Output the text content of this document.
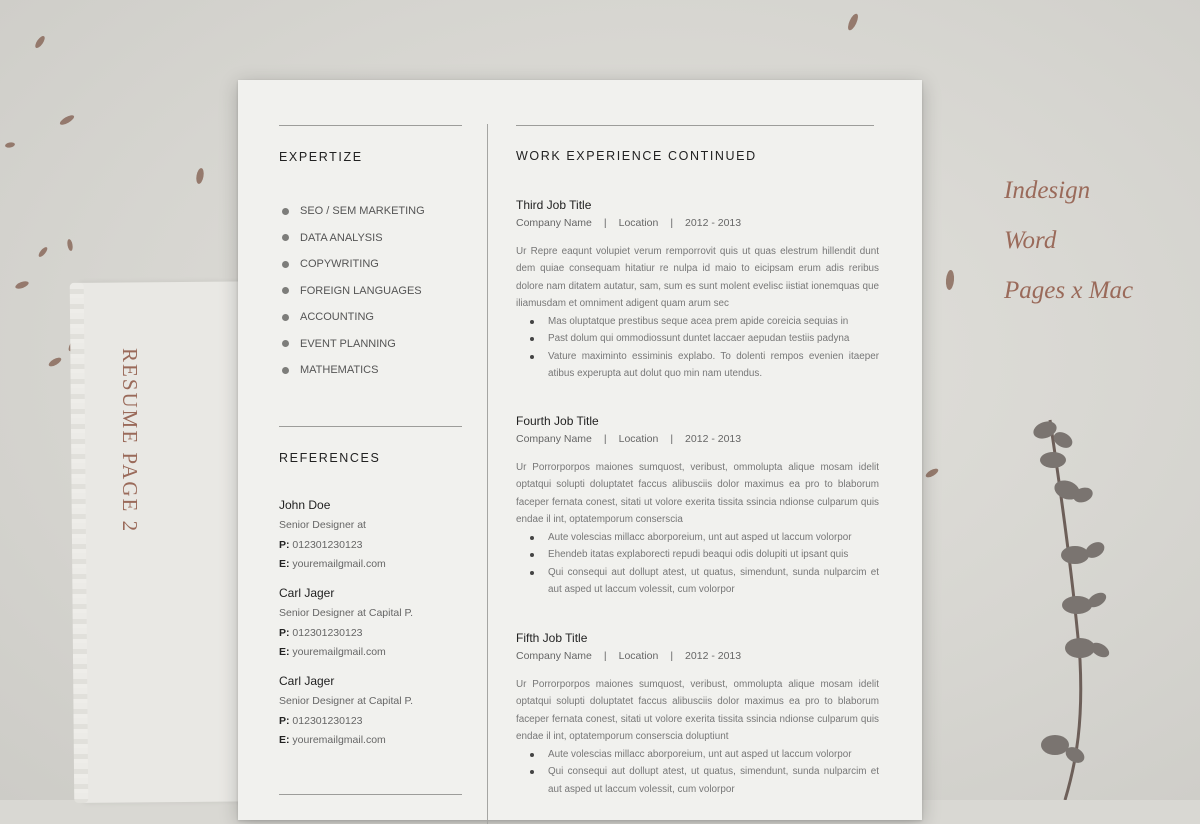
RESUME PAGE 2
Indesign
Word
Pages x Mac
EXPERTIZE
SEO / SEM MARKETING
DATA ANALYSIS
COPYWRITING
FOREIGN LANGUAGES
ACCOUNTING
EVENT PLANNING
MATHEMATICS
REFERENCES
John Doe
Senior Designer at
P: 012301230123
E: youremailgmail.com
Carl Jager
Senior Designer at Capital P.
P: 012301230123
E: youremailgmail.com
Carl Jager
Senior Designer at Capital P.
P: 012301230123
E: youremailgmail.com
WORK EXPERIENCE CONTINUED
Third Job Title
Company Name | Location | 2012 - 2013
Ur Repre eaqunt volupiet verum remporrovit quis ut quas elestrum hillendit dunt dem quiae consequam hitatiur re nulpa id maio to eicipsam erum adis reribus dolore nam ditatem autatur, sam, sum es sunt molent evelisc iistiat ionemquas que iliamusdam et omniment adigent quam arum sec
Mas oluptatque prestibus seque acea prem apide coreicia sequias in
Past dolum qui ommodiossunt duntet laccaer aepudan testiis padyna
Vature maximinto essiminis explabo. To dolenti rempos evenien itaeper atibus experupta aut dolut quo min nam utendus.
Fourth Job Title
Company Name | Location | 2012 - 2013
Ur Porrorporpos maiones sumquost, veribust, ommolupta alique mosam idelit optatqui solupti doluptatet faccus alibusciis dolor maximus ea pro to blaborum faceper fernata conest, sitati ut volore exerita tissita ssincia ndionse culparum quis endae il int, optatemporum conserscia
Aute volescias millacc aborporeium, unt aut asped ut laccum volorpor
Ehendeb itatas explaborecti repudi beaqui odis dolupiti ut ipsant quis
Qui consequi aut dollupt atest, ut quatus, simendunt, sunda nulparcim et aut asped ut laccum volessit, cum volorpor
Fifth Job Title
Company Name | Location | 2012 - 2013
Ur Porrorporpos maiones sumquost, veribust, ommolupta alique mosam idelit optatqui solupti doluptatet faccus alibusciis dolor maximus ea pro to blaborum faceper fernata conest, sitati ut volore exerita tissita ssincia ndionse culparum quis endae il int, optatemporum conserscia doluptiunt
Aute volescias millacc aborporeium, unt aut asped ut laccum volorpor
Qui consequi aut dollupt atest, ut quatus, simendunt, sunda nulparcim et aut asped ut laccum volessit, cum volorpor
